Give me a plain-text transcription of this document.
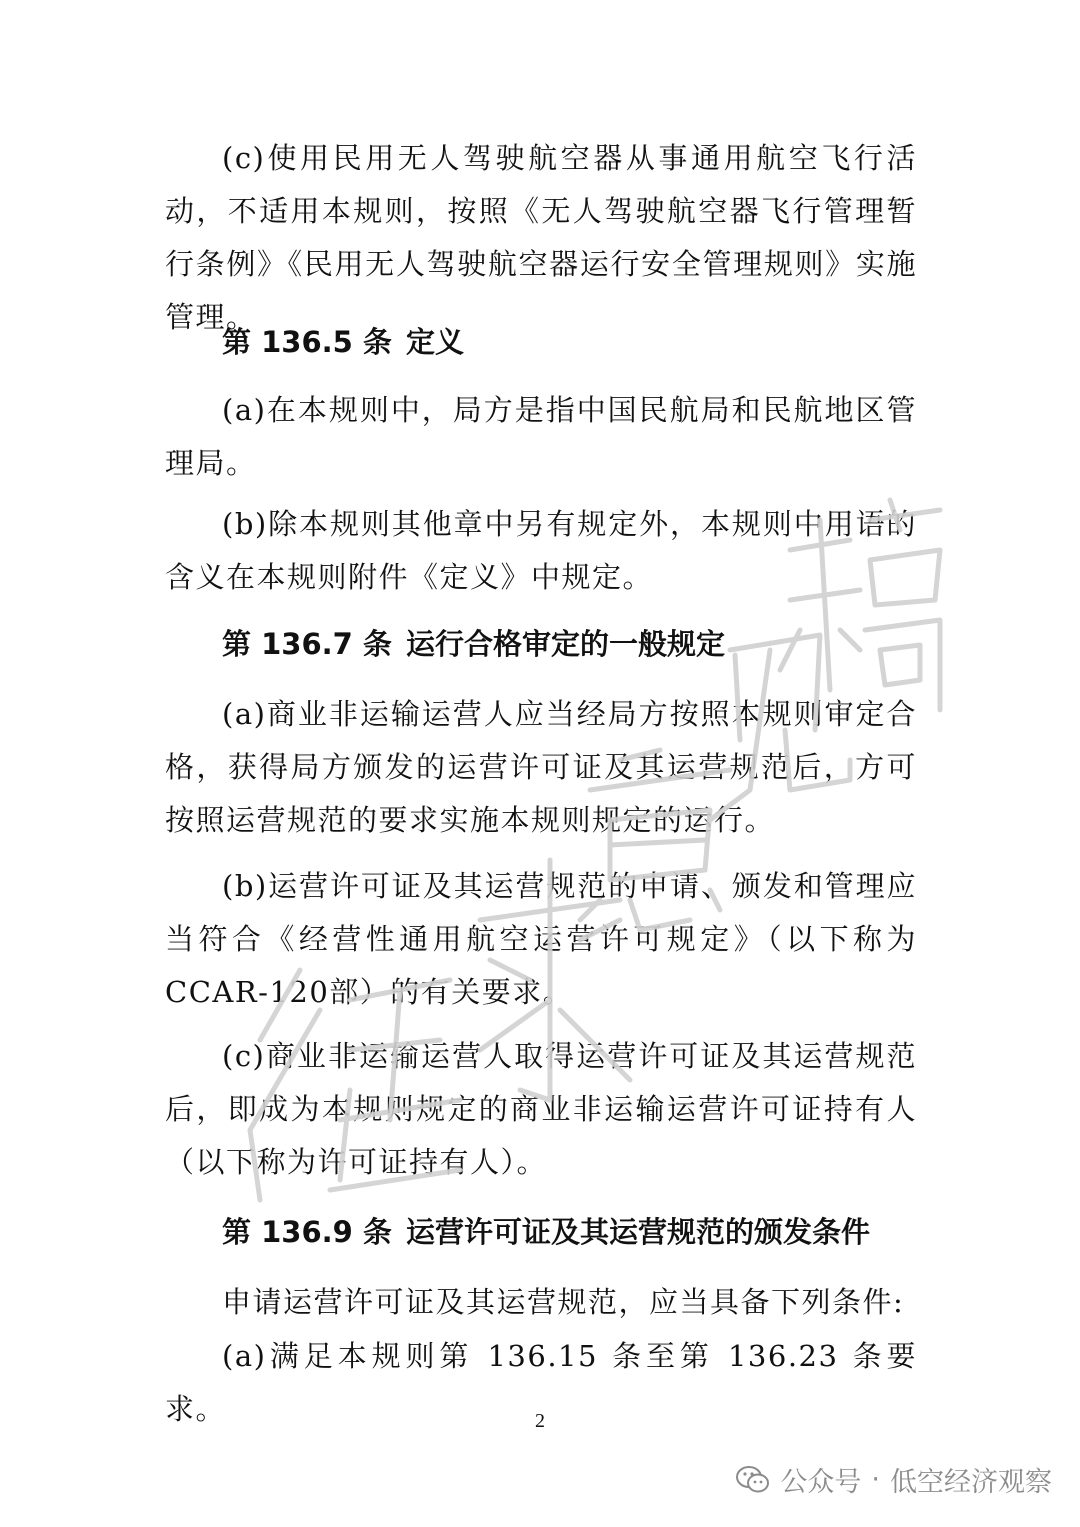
(c)使用民用无人驾驶航空器从事通用航空飞行活动，不适用本规则，按照《无人驾驶航空器飞行管理暂行条例》《民用无人驾驶航空器运行安全管理规则》实施管理。

第 136.5 条 定义

(a)在本规则中，局方是指中国民航局和民航地区管理局。

(b)除本规则其他章中另有规定外，本规则中用语的含义在本规则附件《定义》中规定。

第 136.7 条 运行合格审定的一般规定

(a)商业非运输运营人应当经局方按照本规则审定合格，获得局方颁发的运营许可证及其运营规范后，方可按照运营规范的要求实施本规则规定的运行。

(b)运营许可证及其运营规范的申请、颁发和管理应当符合《经营性通用航空运营许可规定》（以下称为 CCAR-120部）的有关要求。

(c)商业非运输运营人取得运营许可证及其运营规范后，即成为本规则规定的商业非运输运营许可证持有人（以下称为许可证持有人）。

第 136.9 条 运营许可证及其运营规范的颁发条件

申请运营许可证及其运营规范，应当具备下列条件:

(a)满足本规则第 136.15 条至第 136.23 条要求。	2
公众号 · 低空经济观察
